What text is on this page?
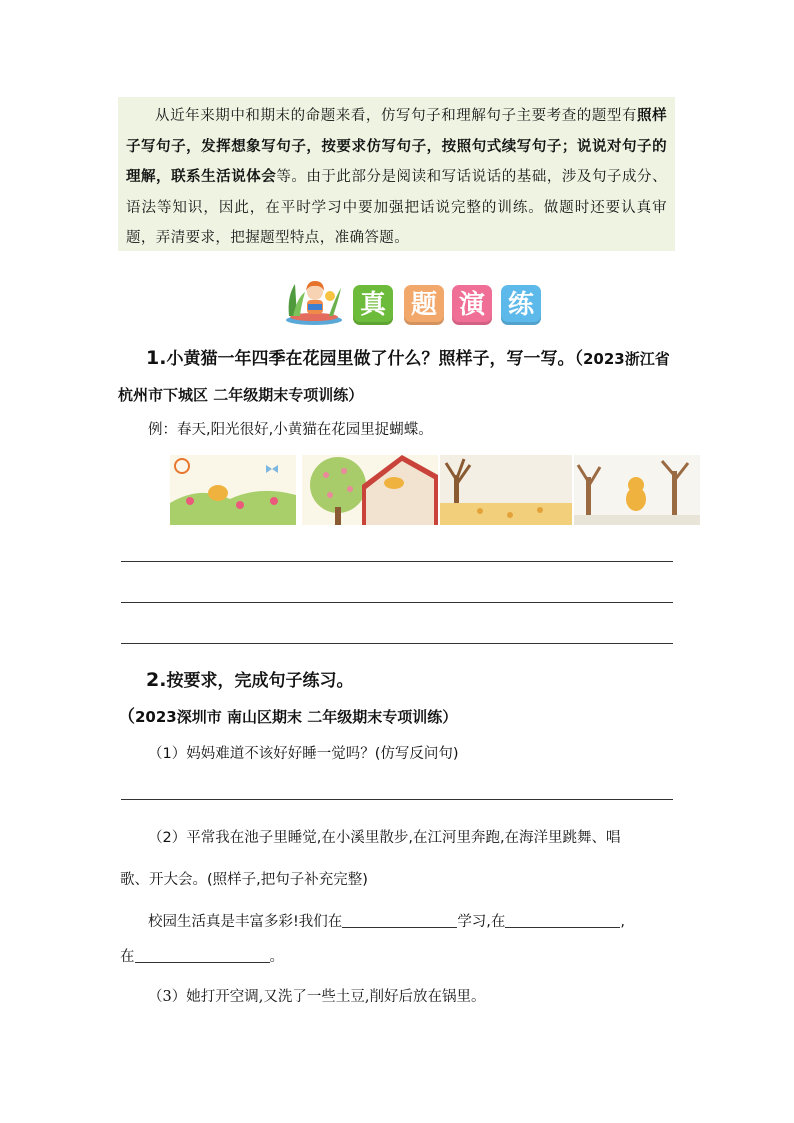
从近年来期中和期末的命题来看，仿写句子和理解句子主要考查的题型有照样子写句子，发挥想象写句子，按要求仿写句子，按照句式续写句子；说说对句子的理解，联系生活说体会等。由于此部分是阅读和写话说话的基础，涉及句子成分、语法等知识，因此，在平时学习中要加强把话说完整的训练。做题时还要认真审题，弄清要求，把握题型特点，准确答题。
真 题 演 练
1.小黄猫一年四季在花园里做了什么？照样子，写一写。（2023浙江省 杭州市下城区 二年级期末专项训练）
例：春天,阳光很好,小黄猫在花园里捉蝴蝶。
2.按要求，完成句子练习。（2023深圳市 南山区期末 二年级期末专项训练）
（1）妈妈难道不该好好睡一觉吗？(仿写反问句)
（2）平常我在池子里睡觉,在小溪里散步,在江河里奔跑,在海洋里跳舞、唱
歌、开大会。(照样子,把句子补充完整)
校园生活真是丰富多彩!我们在	学习,在	,
在	。
（3）她打开空调,又洗了一些土豆,削好后放在锅里。
